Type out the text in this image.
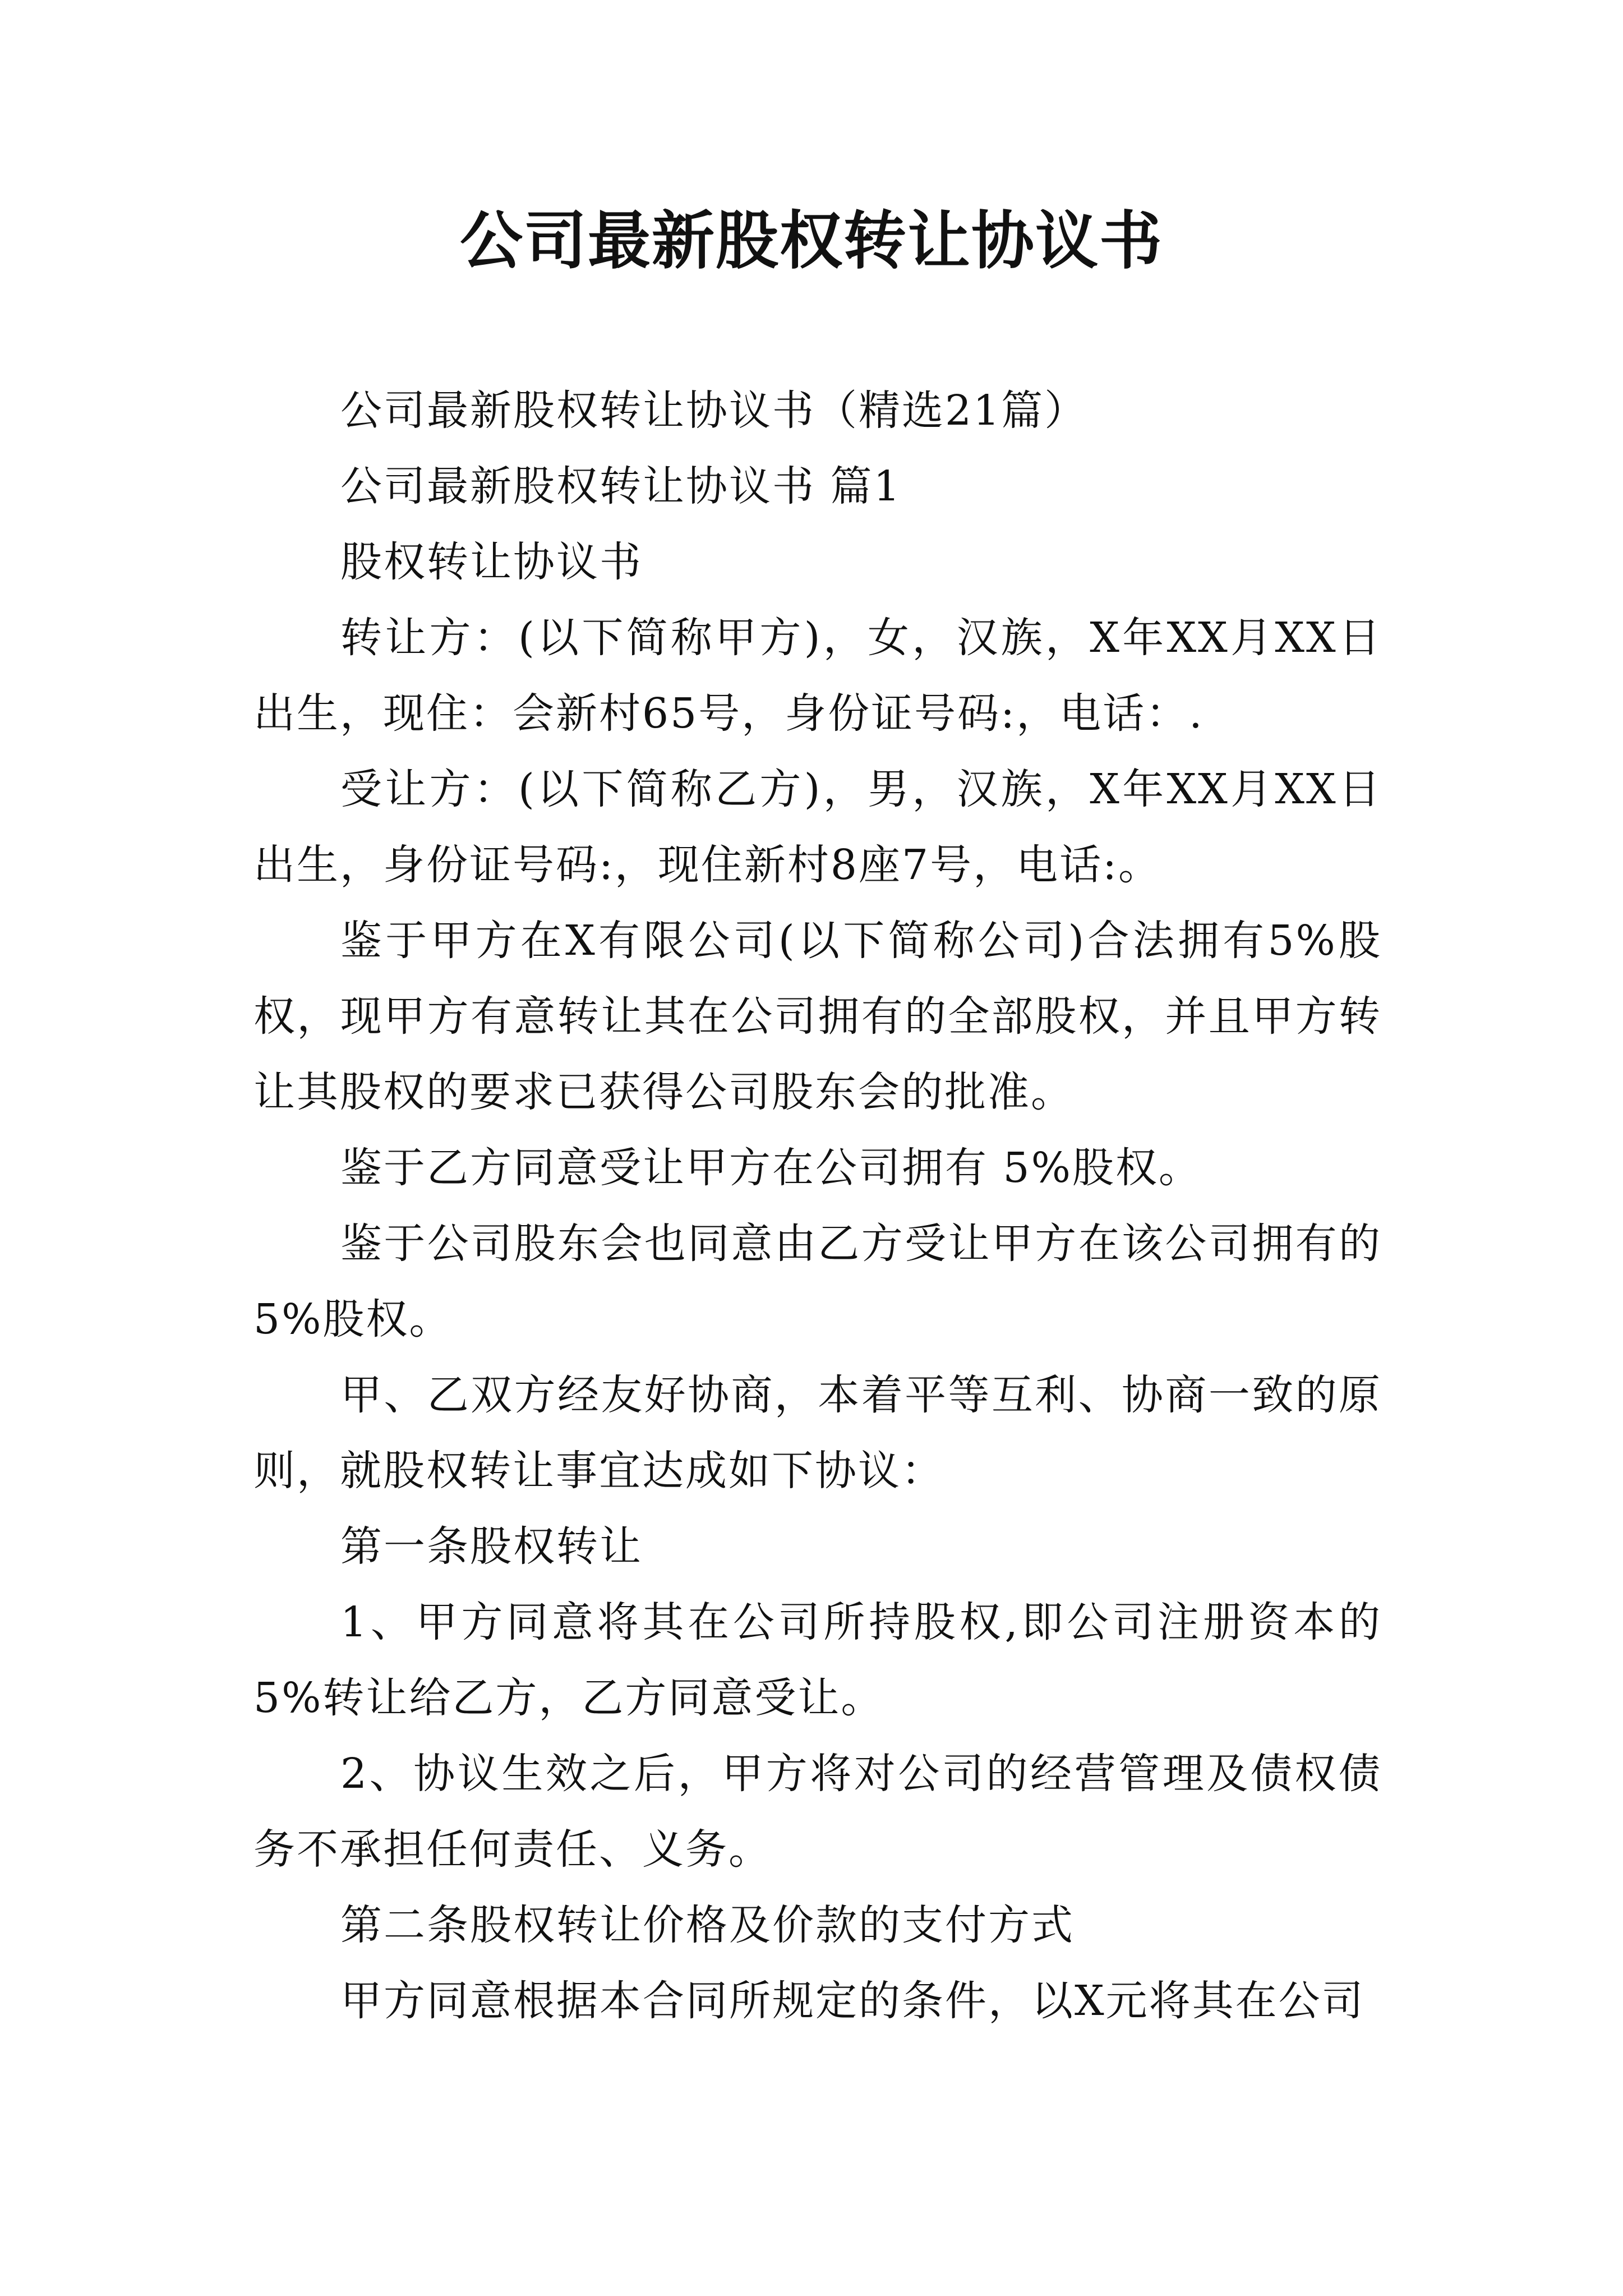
公司最新股权转让协议书

公司最新股权转让协议书（精选21篇）

公司最新股权转让协议书 篇1

股权转让协议书

转让方：(以下简称甲方)，女，汉族，X年XX月XX日出生，现住：会新村65号，身份证号码:，电话：.

受让方：(以下简称乙方)，男，汉族，X年XX月XX日出生，身份证号码:，现住新村8座7号，电话:。

鉴于甲方在X有限公司(以下简称公司)合法拥有5%股权，现甲方有意转让其在公司拥有的全部股权，并且甲方转让其股权的要求已获得公司股东会的批准。

鉴于乙方同意受让甲方在公司拥有 5%股权。

鉴于公司股东会也同意由乙方受让甲方在该公司拥有的　5%股权。

甲、乙双方经友好协商，本着平等互利、协商一致的原则，就股权转让事宜达成如下协议：

第一条股权转让

1、甲方同意将其在公司所持股权,即公司注册资本的5%转让给乙方，乙方同意受让。

2、协议生效之后，甲方将对公司的经营管理及债权债务不承担任何责任、义务。

第二条股权转让价格及价款的支付方式

甲方同意根据本合同所规定的条件，以X元将其在公司
